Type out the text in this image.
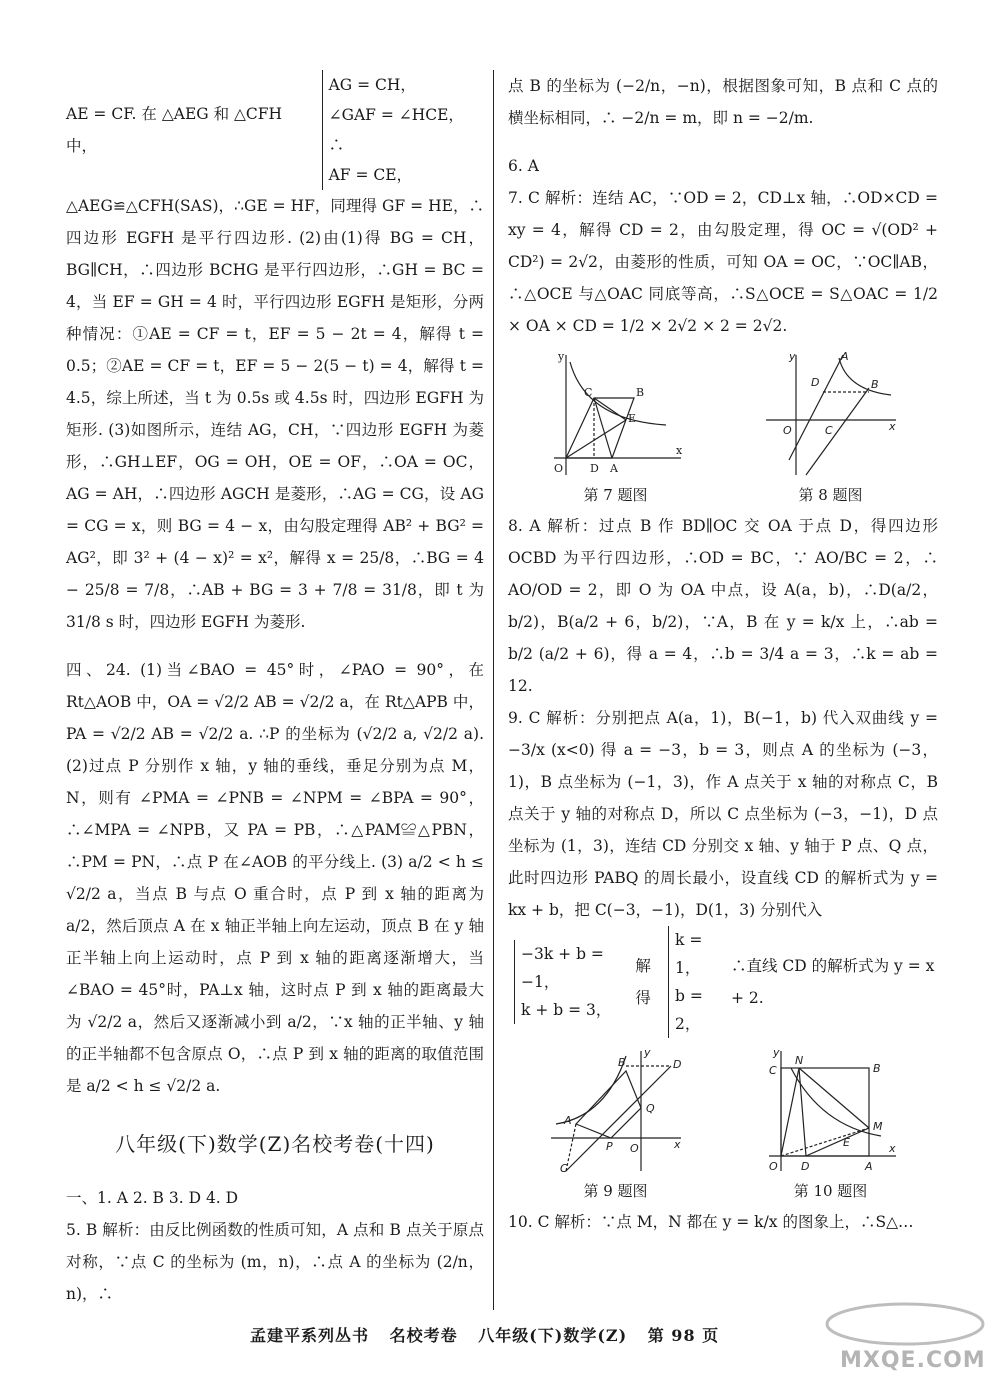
AE = CF. 在 △AEG 和 △CFH 中，
AG = CH，
∠GAF = ∠HCE，∴
AF = CE，

△AEG≌△CFH(SAS)，∴GE = HF，同理得 GF = HE，∴四边形 EGFH 是平行四边形. (2)由(1)得 BG = CH，BG∥CH，∴四边形 BCHG 是平行四边形，∴GH = BC = 4，当 EF = GH = 4 时，平行四边形 EGFH 是矩形，分两种情况：①AE = CF = t，EF = 5 − 2t = 4，解得 t = 0.5；②AE = CF = t，EF = 5 − 2(5 − t) = 4，解得 t = 4.5，综上所述，当 t 为 0.5s 或 4.5s 时，四边形 EGFH 为矩形. (3)如图所示，连结 AG，CH，∵四边形 EGFH 为菱形，∴GH⊥EF，OG = OH，OE = OF，∴OA = OC，AG = AH，∴四边形 AGCH 是菱形，∴AG = CG，设 AG = CG = x，则 BG = 4 − x，由勾股定理得 AB² + BG² = AG²，即 3² + (4 − x)² = x²，解得 x = 25/8，∴BG = 4 − 25/8 = 7/8，∴AB + BG = 3 + 7/8 = 31/8，即 t 为 31/8 s 时，四边形 EGFH 为菱形.

四、24. (1)当∠BAO = 45°时，∠PAO = 90°，在 Rt△AOB 中，OA = √2/2 AB = √2/2 a，在 Rt△APB 中，PA = √2/2 AB = √2/2 a. ∴P 的坐标为 (√2/2 a, √2/2 a). (2)过点 P 分别作 x 轴，y 轴的垂线，垂足分别为点 M，N，则有 ∠PMA = ∠PNB = ∠NPM = ∠BPA = 90°，∴∠MPA = ∠NPB，又 PA = PB，∴△PAM≌△PBN，∴PM = PN，∴点 P 在∠AOB 的平分线上. (3) a/2 < h ≤ √2/2 a，当点 B 与点 O 重合时，点 P 到 x 轴的距离为 a/2，然后顶点 A 在 x 轴正半轴上向左运动，顶点 B 在 y 轴正半轴上向上运动时，点 P 到 x 轴的距离逐渐增大，当∠BAO = 45°时，PA⊥x 轴，这时点 P 到 x 轴的距离最大为 √2/2 a，然后又逐渐减小到 a/2，∵x 轴的正半轴、y 轴的正半轴都不包含原点 O，∴点 P 到 x 轴的距离的取值范围是 a/2 < h ≤ √2/2 a.

八年级(下)数学(Z)名校考卷(十四)

一、1. A 2. B 3. D 4. D

5. B 解析：由反比例函数的性质可知，A 点和 B 点关于原点对称，∵点 C 的坐标为 (m，n)，∴点 A 的坐标为 (2/n，n)，∴

点 B 的坐标为 (−2/n，−n)，根据图象可知，B 点和 C 点的横坐标相同，∴ −2/n = m，即 n = −2/m.

6. A

7. C 解析：连结 AC，∵OD = 2，CD⊥x 轴，∴OD×CD = xy = 4，解得 CD = 2，由勾股定理，得 OC = √(OD² + CD²) = 2√2，由菱形的性质，可知 OA = OC，∵OC∥AB，∴△OCE 与△OAC 同底等高，∴S△OCE = S△OAC = 1/2 × OA × CD = 1/2 × 2√2 × 2 = 2√2.

y
x
O D A
C	B
E
第 7 题图
y
x
O	C
A
D	B
第 8 题图

8. A 解析：过点 B 作 BD∥OC 交 OA 于点 D，得四边形 OCBD 为平行四边形，∴OD = BC，∵ AO/BC = 2，∴ AO/OD = 2，即 O 为 OA 中点，设 A(a，b)，∴D(a/2，b/2)，B(a/2 + 6，b/2)，∵A，B 在 y = k/x 上，∴ab = b/2 (a/2 + 6)，得 a = 4，∴b = 3/4 a = 3，∴k = ab = 12.

9. C 解析：分别把点 A(a，1)，B(−1，b) 代入双曲线 y = −3/x (x<0) 得 a = −3，b = 3，则点 A 的坐标为 (−3，1)，B 点坐标为 (−1，3)，作 A 点关于 x 轴的对称点 C，B 点关于 y 轴的对称点 D，所以 C 点坐标为 (−3，−1)，D 点坐标为 (1，3)，连结 CD 分别交 x 轴、y 轴于 P 点、Q 点，此时四边形 PABQ 的周长最小，设直线 CD 的解析式为 y = kx + b，把 C(−3，−1)，D(1，3) 分别代入

−3k + b = −1，
k + b = 3，
解得
k = 1，
b = 2，
∴直线 CD 的解析式为 y = x + 2.
y
x
A
B	D
Q
P O
C
第 9 题图
y
x
O
C
N
B
M
D	A
E
第 10 题图

10. C 解析：∵点 M，N 都在 y = k/x 的图象上，∴S△…

孟建平系列丛书 名校考卷 八年级(下)数学(Z) 第 98 页
MXQE.COM
